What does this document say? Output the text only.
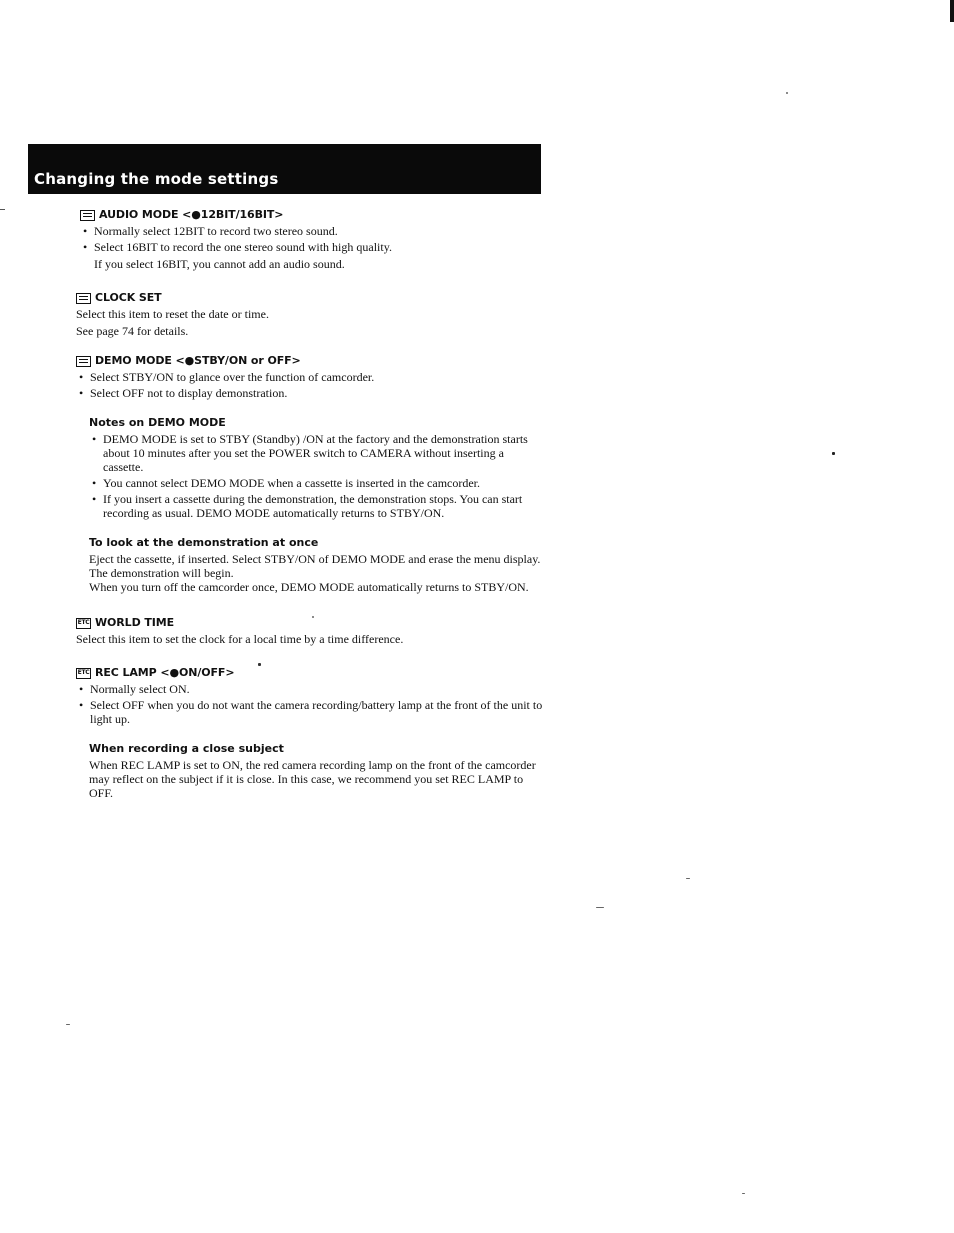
Changing the mode settings
AUDIO MODE <●12BIT/16BIT>
• Normally select 12BIT to record two stereo sound.
• Select 16BIT to record the one stereo sound with high quality.

If you select 16BIT, you cannot add an audio sound.

CLOCK SET

Select this item to reset the date or time.

See page 74 for details.

DEMO MODE <●STBY/ON or OFF>
• Select STBY/ON to glance over the function of camcorder.
• Select OFF not to display demonstration.
Notes on DEMO MODE
• DEMO MODE is set to STBY (Standby) /ON at the factory and the demonstration starts about 10 minutes after you set the POWER switch to CAMERA without inserting a cassette.
• You cannot select DEMO MODE when a cassette is inserted in the camcorder.
• If you insert a cassette during the demonstration, the demonstration stops. You can start recording as usual. DEMO MODE automatically returns to STBY/ON.
To look at the demonstration at once

Eject the cassette, if inserted. Select STBY/ON of DEMO MODE and erase the menu display. The demonstration will begin.

When you turn off the camcorder once, DEMO MODE automatically returns to STBY/ON.

ETC WORLD TIME

Select this item to set the clock for a local time by a time difference.

ETC REC LAMP <●ON/OFF>
• Normally select ON.
• Select OFF when you do not want the camera recording/battery lamp at the front of the unit to light up.
When recording a close subject

When REC LAMP is set to ON, the red camera recording lamp on the front of the camcorder may reflect on the subject if it is close. In this case, we recommend you set REC LAMP to OFF.
